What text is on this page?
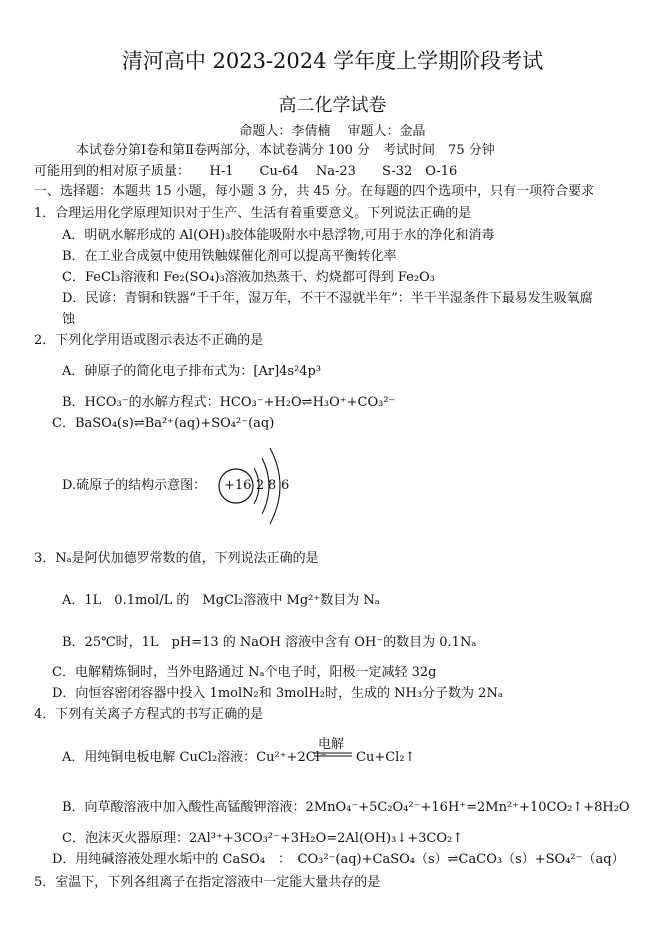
清河高中 2023-2024 学年度上学期阶段考试
高二化学试卷
命题人：李倩楠　 审题人：金晶
本试卷分第Ⅰ卷和第Ⅱ卷两部分，本试卷满分 100 分　考试时间　75 分钟
可能用到的相对原子质量：　　H-1　　Cu-64　 Na-23　　S-32　O-16
一、选择题：本题共 15 小题，每小题 3 分，共 45 分。在每题的四个选项中，只有一项符合要求
1．合理运用化学原理知识对于生产、生活有着重要意义。下列说法正确的是
A．明矾水解形成的 Al(OH)₃胶体能吸附水中悬浮物,可用于水的净化和消毒
B．在工业合成氨中使用铁触媒催化剂可以提高平衡转化率
C．FeCl₃溶液和 Fe₂(SO₄)₃溶液加热蒸干、灼烧都可得到 Fe₂O₃
D．民谚：青铜和铁器“千千年，湿万年，不干不湿就半年”：半干半湿条件下最易发生吸氧腐
蚀
2．下列化学用语或图示表达不正确的是
A．砷原子的简化电子排布式为：[Ar]4s²4p³
B．HCO₃⁻的水解方程式：HCO₃⁻+H₂O⇌H₃O⁺+CO₃²⁻
C．BaSO₄(s)⇌Ba²⁺(aq)+SO₄²⁻(aq)
D.硫原子的结构示意图： +16 2 8 6
3．Nₐ是阿伏加德罗常数的值，下列说法正确的是
A．1L　0.1mol/L 的　MgCl₂溶液中 Mg²⁺数目为 Nₐ
B．25℃时，1L　pH=13 的 NaOH 溶液中含有 OH⁻的数目为 0.1Nₐ
C．电解精炼铜时，当外电路通过 Nₐ个电子时，阳极一定减轻 32g
D．向恒容密闭容器中投入 1molN₂和 3molH₂时，生成的 NH₃分子数为 2Nₐ
4．下列有关离子方程式的书写正确的是
A．用纯铜电板电解 CuCl₂溶液：Cu²⁺+2Cl⁻
电解
Cu+Cl₂↑
B．向草酸溶液中加入酸性高锰酸钾溶液：2MnO₄⁻+5C₂O₄²⁻+16H⁺=2Mn²⁺+10CO₂↑+8H₂O
C．泡沫灭火器原理：2Al³⁺+3CO₃²⁻+3H₂O=2Al(OH)₃↓+3CO₂↑
D．用纯碱溶液处理水垢中的 CaSO₄　：　CO₃²⁻(aq)+CaSO₄（s）⇌CaCO₃（s）+SO₄²⁻（aq）
5．室温下，下列各组离子在指定溶液中一定能大量共存的是
